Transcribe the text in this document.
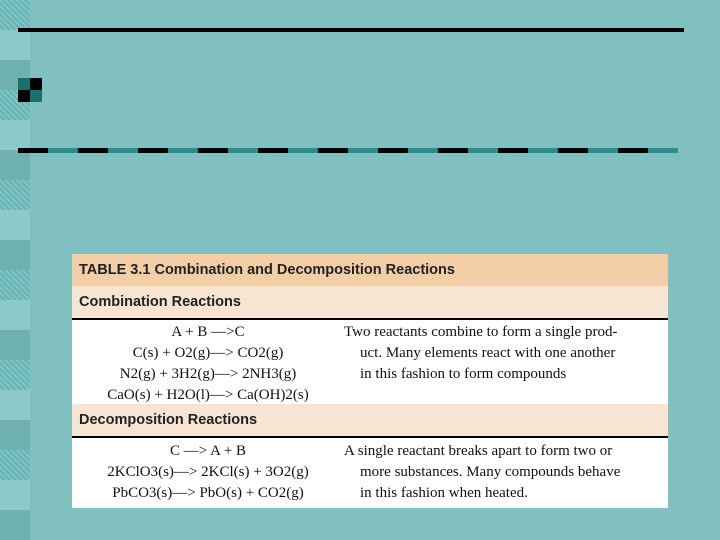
TABLE 3.1 Combination and Decomposition Reactions
Combination Reactions
A + B —>C
C(s) + O2(g)—> CO2(g)
N2(g) + 3H2(g)—> 2NH3(g)
CaO(s) + H2O(l)—> Ca(OH)2(s)

Two reactants combine to form a single prod-

uct. Many elements react with one another

in this fashion to form compounds

Decomposition Reactions
C —> A + B
2KClO3(s)—> 2KCl(s) + 3O2(g)
PbCO3(s)—> PbO(s) + CO2(g)

A single reactant breaks apart to form two or

more substances. Many compounds behave

in this fashion when heated.
